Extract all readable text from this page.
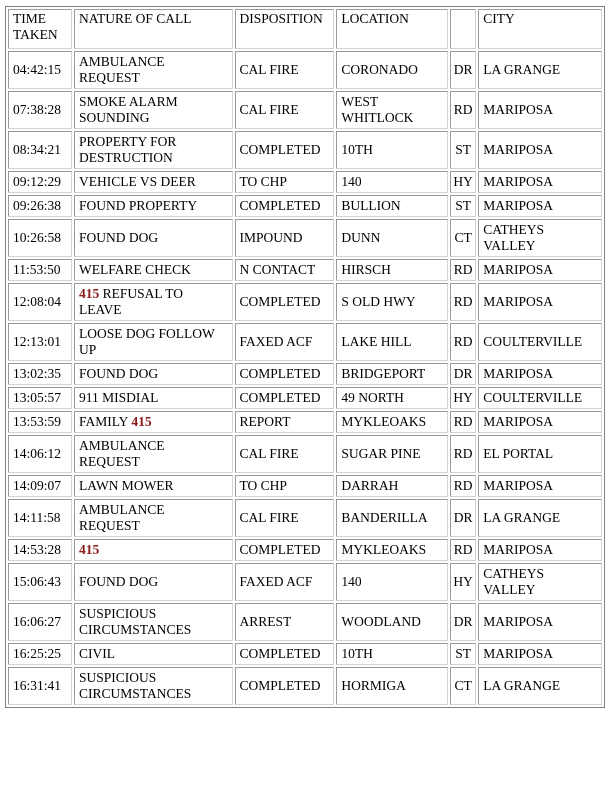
TIME TAKEN	NATURE OF CALL	DISPOSITION	LOCATION		CITY
04:42:15	AMBULANCE REQUEST	CAL FIRE	CORONADO	DR	LA GRANGE
07:38:28	SMOKE ALARM SOUNDING	CAL FIRE	WEST WHITLOCK	RD	MARIPOSA
08:34:21	PROPERTY FOR DESTRUCTION	COMPLETED	10TH	ST	MARIPOSA
09:12:29	VEHICLE VS DEER	TO CHP	140	HY	MARIPOSA
09:26:38	FOUND PROPERTY	COMPLETED	BULLION	ST	MARIPOSA
10:26:58	FOUND DOG	IMPOUND	DUNN	CT	CATHEYS VALLEY
11:53:50	WELFARE CHECK	N CONTACT	HIRSCH	RD	MARIPOSA
12:08:04	415 REFUSAL TO LEAVE	COMPLETED	S OLD HWY	RD	MARIPOSA
12:13:01	LOOSE DOG FOLLOW UP	FAXED ACF	LAKE HILL	RD	COULTERVILLE
13:02:35	FOUND DOG	COMPLETED	BRIDGEPORT	DR	MARIPOSA
13:05:57	911 MISDIAL	COMPLETED	49 NORTH	HY	COULTERVILLE
13:53:59	FAMILY 415	REPORT	MYKLEOAKS	RD	MARIPOSA
14:06:12	AMBULANCE REQUEST	CAL FIRE	SUGAR PINE	RD	EL PORTAL
14:09:07	LAWN MOWER	TO CHP	DARRAH	RD	MARIPOSA
14:11:58	AMBULANCE REQUEST	CAL FIRE	BANDERILLA	DR	LA GRANGE
14:53:28	415	COMPLETED	MYKLEOAKS	RD	MARIPOSA
15:06:43	FOUND DOG	FAXED ACF	140	HY	CATHEYS VALLEY
16:06:27	SUSPICIOUS CIRCUMSTANCES	ARREST	WOODLAND	DR	MARIPOSA
16:25:25	CIVIL	COMPLETED	10TH	ST	MARIPOSA
16:31:41	SUSPICIOUS CIRCUMSTANCES	COMPLETED	HORMIGA	CT	LA GRANGE
